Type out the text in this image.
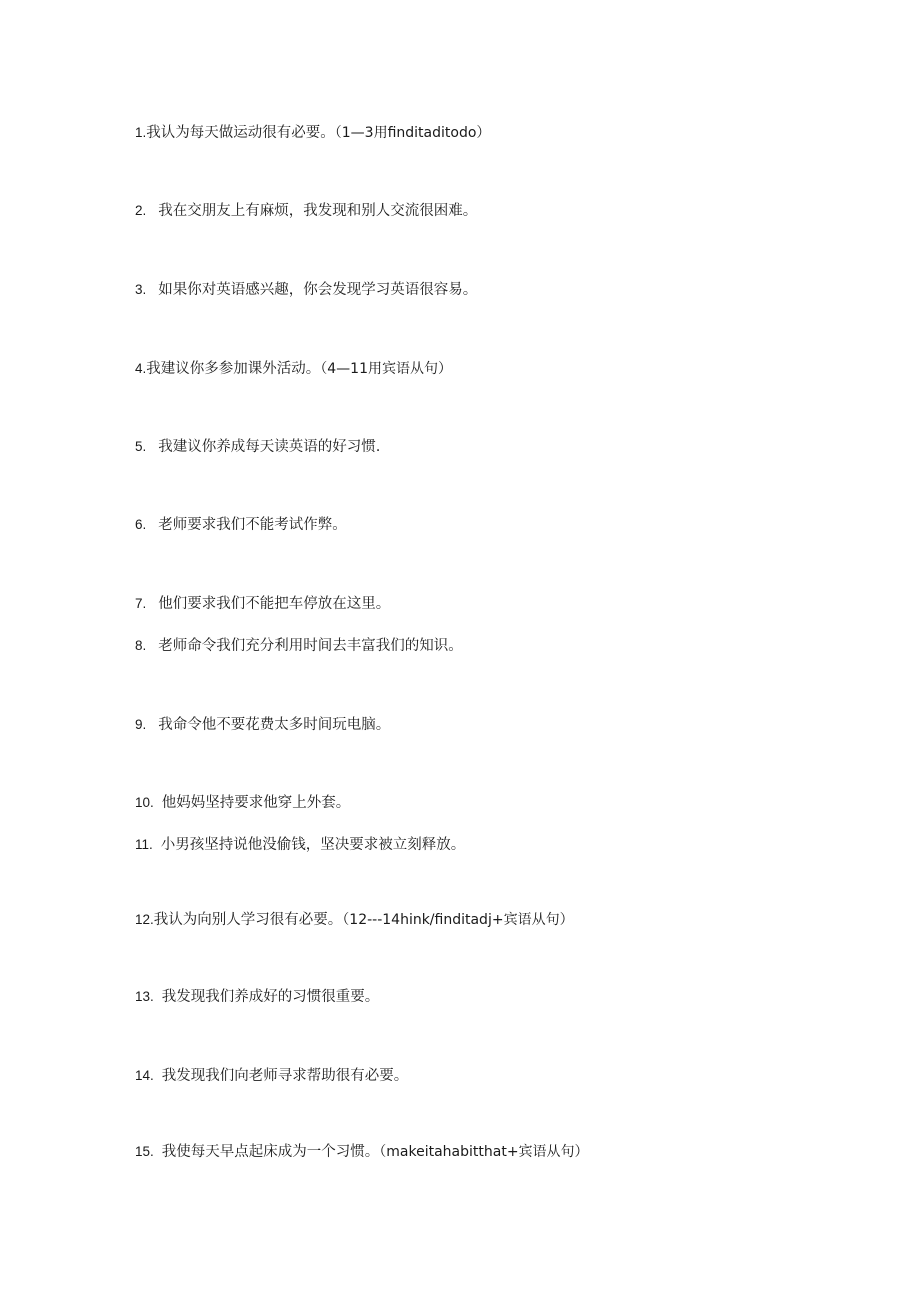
1.我认为每天做运动很有必要。（1—3用finditaditodo）
2. 我在交朋友上有麻烦，我发现和别人交流很困难。
3. 如果你对英语感兴趣，你会发现学习英语很容易。
4.我建议你多参加课外活动。（4—11用宾语从句）
5. 我建议你养成每天读英语的好习惯.
6. 老师要求我们不能考试作弊。
7. 他们要求我们不能把车停放在这里。
8. 老师命令我们充分利用时间去丰富我们的知识。
9. 我命令他不要花费太多时间玩电脑。
10. 他妈妈坚持要求他穿上外套。
11. 小男孩坚持说他没偷钱，坚决要求被立刻释放。
12.我认为向别人学习很有必要。（12---14hink/finditadj+宾语从句）
13. 我发现我们养成好的习惯很重要。
14. 我发现我们向老师寻求帮助很有必要。
15. 我使每天早点起床成为一个习惯。（makeitahabitthat+宾语从句）
